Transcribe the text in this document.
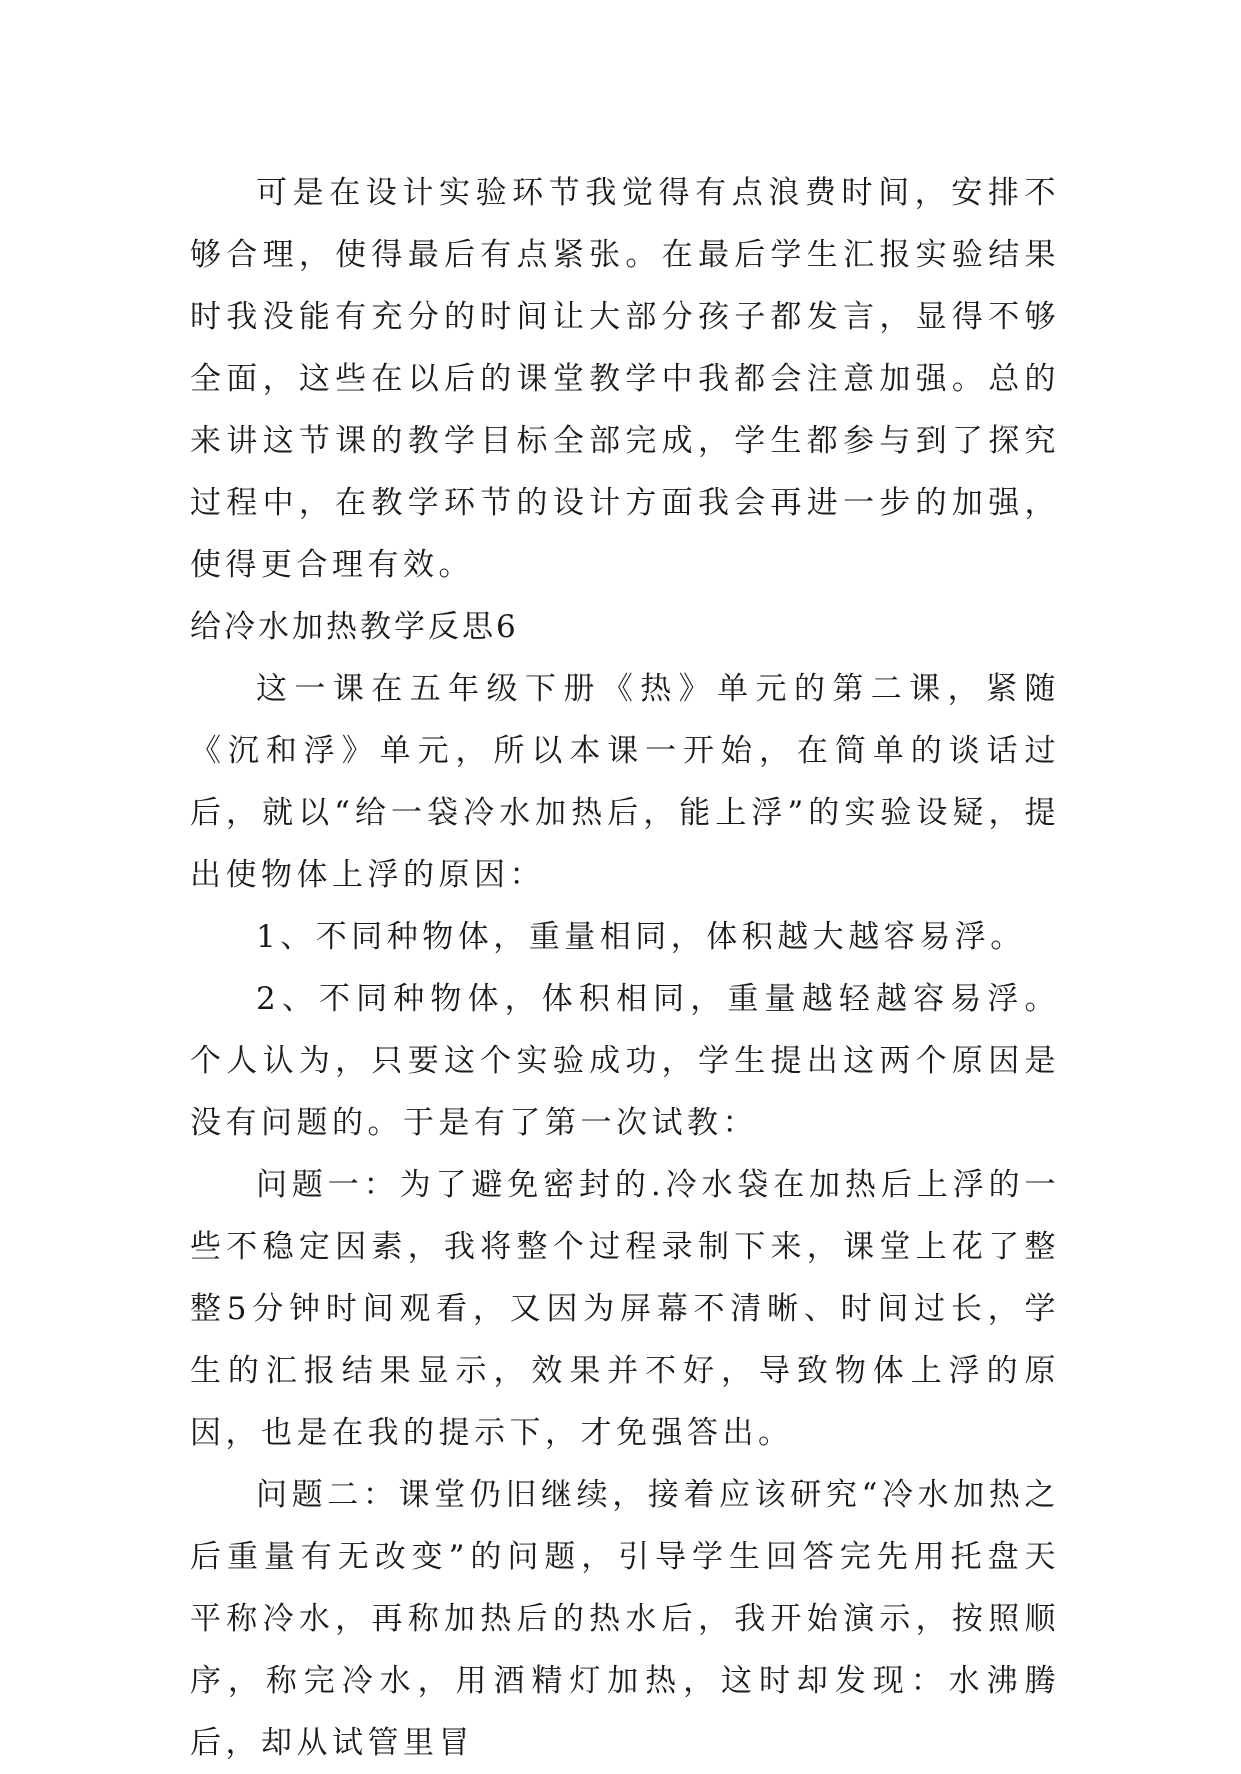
可是在设计实验环节我觉得有点浪费时间，安排不够合理，使得最后有点紧张。在最后学生汇报实验结果时我没能有充分的时间让大部分孩子都发言，显得不够全面，这些在以后的课堂教学中我都会注意加强。总的来讲这节课的教学目标全部完成，学生都参与到了探究过程中，在教学环节的设计方面我会再进一步的加强，使得更合理有效。

给冷水加热教学反思6

这一课在五年级下册《热》单元的第二课，紧随《沉和浮》单元，所以本课一开始，在简单的谈话过后，就以“给一袋冷水加热后，能上浮”的实验设疑，提出使物体上浮的原因：

1、不同种物体，重量相同，体积越大越容易浮。

2、不同种物体，体积相同，重量越轻越容易浮。个人认为，只要这个实验成功，学生提出这两个原因是没有问题的。于是有了第一次试教：

问题一：为了避免密封的.冷水袋在加热后上浮的一些不稳定因素，我将整个过程录制下来，课堂上花了整整5分钟时间观看，又因为屏幕不清晰、时间过长，学生的汇报结果显示，效果并不好，导致物体上浮的原因，也是在我的提示下，才免强答出。

问题二：课堂仍旧继续，接着应该研究“冷水加热之后重量有无改变”的问题，引导学生回答完先用托盘天平称冷水，再称加热后的热水后，我开始演示，按照顺序，称完冷水，用酒精灯加热，这时却发现：水沸腾后，却从试管里冒
